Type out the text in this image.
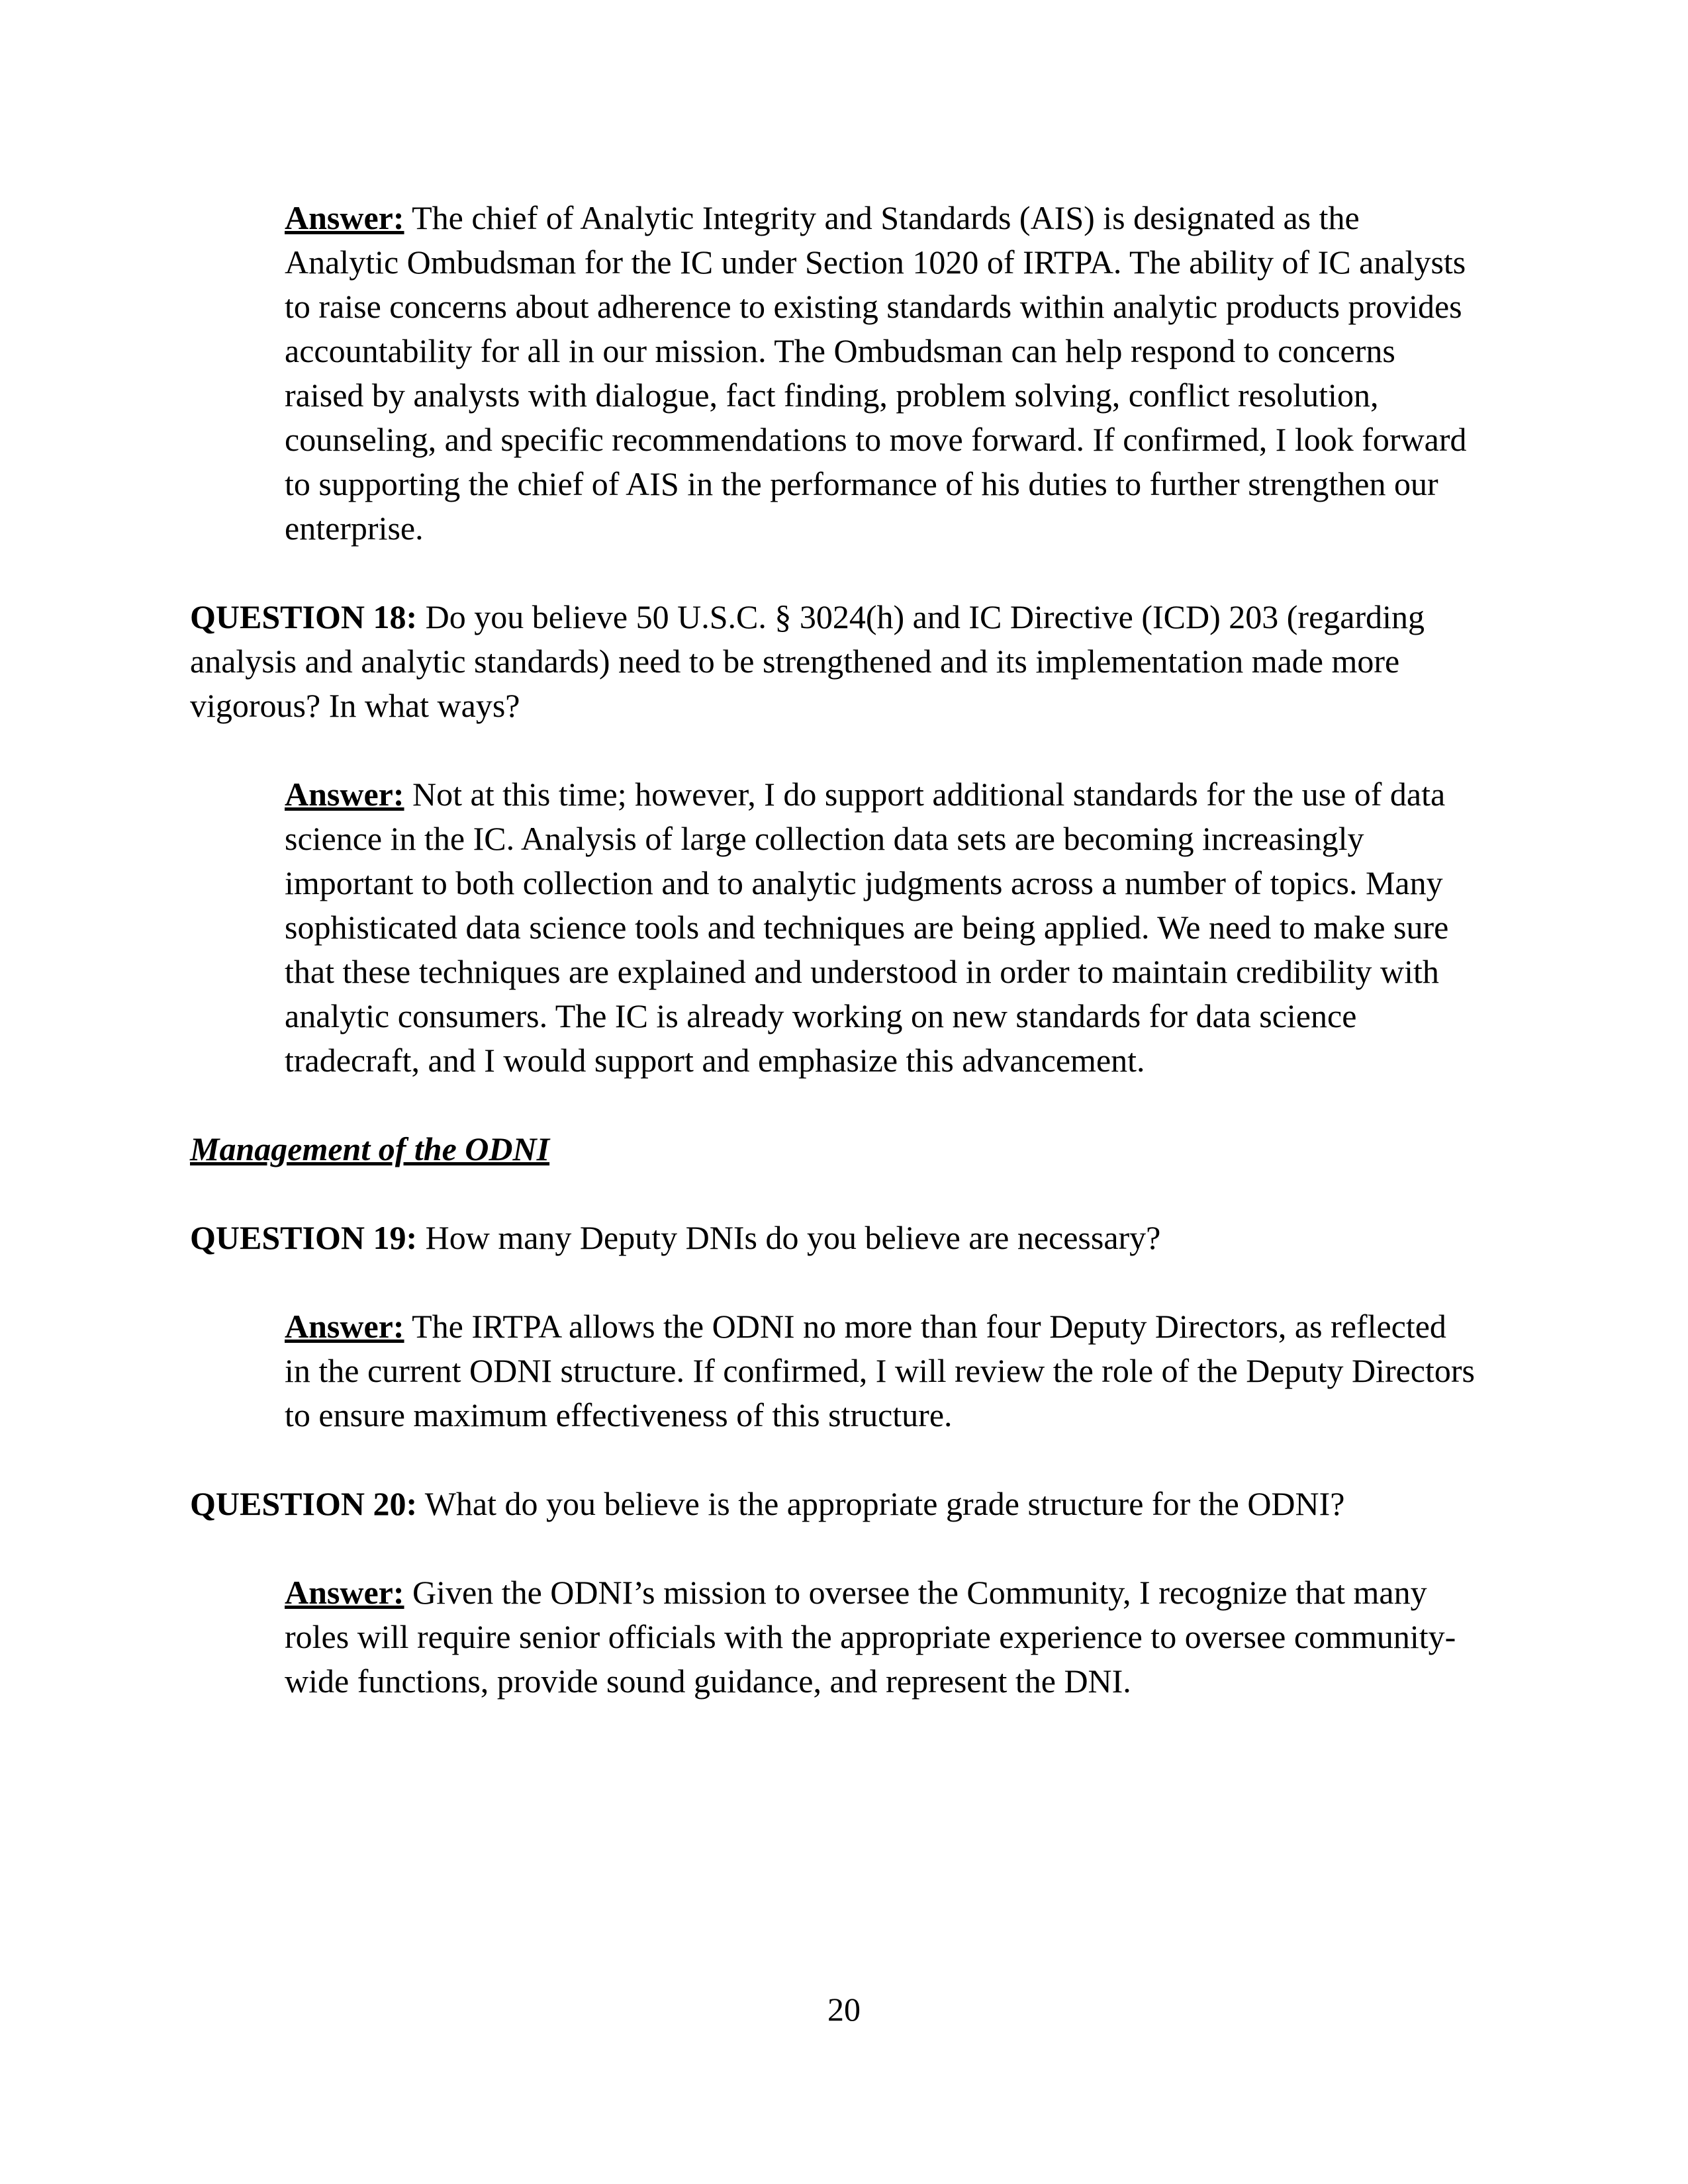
Answer: The chief of Analytic Integrity and Standards (AIS) is designated as the Analytic Ombudsman for the IC under Section 1020 of IRTPA. The ability of IC analysts to raise concerns about adherence to existing standards within analytic products provides accountability for all in our mission. The Ombudsman can help respond to concerns raised by analysts with dialogue, fact finding, problem solving, conflict resolution, counseling, and specific recommendations to move forward. If confirmed, I look forward to supporting the chief of AIS in the performance of his duties to further strengthen our enterprise.

QUESTION 18: Do you believe 50 U.S.C. § 3024(h) and IC Directive (ICD) 203 (regarding analysis and analytic standards) need to be strengthened and its implementation made more vigorous? In what ways?

Answer: Not at this time; however, I do support additional standards for the use of data science in the IC. Analysis of large collection data sets are becoming increasingly important to both collection and to analytic judgments across a number of topics. Many sophisticated data science tools and techniques are being applied. We need to make sure that these techniques are explained and understood in order to maintain credibility with analytic consumers. The IC is already working on new standards for data science tradecraft, and I would support and emphasize this advancement.

Management of the ODNI

QUESTION 19: How many Deputy DNIs do you believe are necessary?

Answer: The IRTPA allows the ODNI no more than four Deputy Directors, as reflected in the current ODNI structure. If confirmed, I will review the role of the Deputy Directors to ensure maximum effectiveness of this structure.

QUESTION 20: What do you believe is the appropriate grade structure for the ODNI?

Answer: Given the ODNI’s mission to oversee the Community, I recognize that many roles will require senior officials with the appropriate experience to oversee community-wide functions, provide sound guidance, and represent the DNI.

20
